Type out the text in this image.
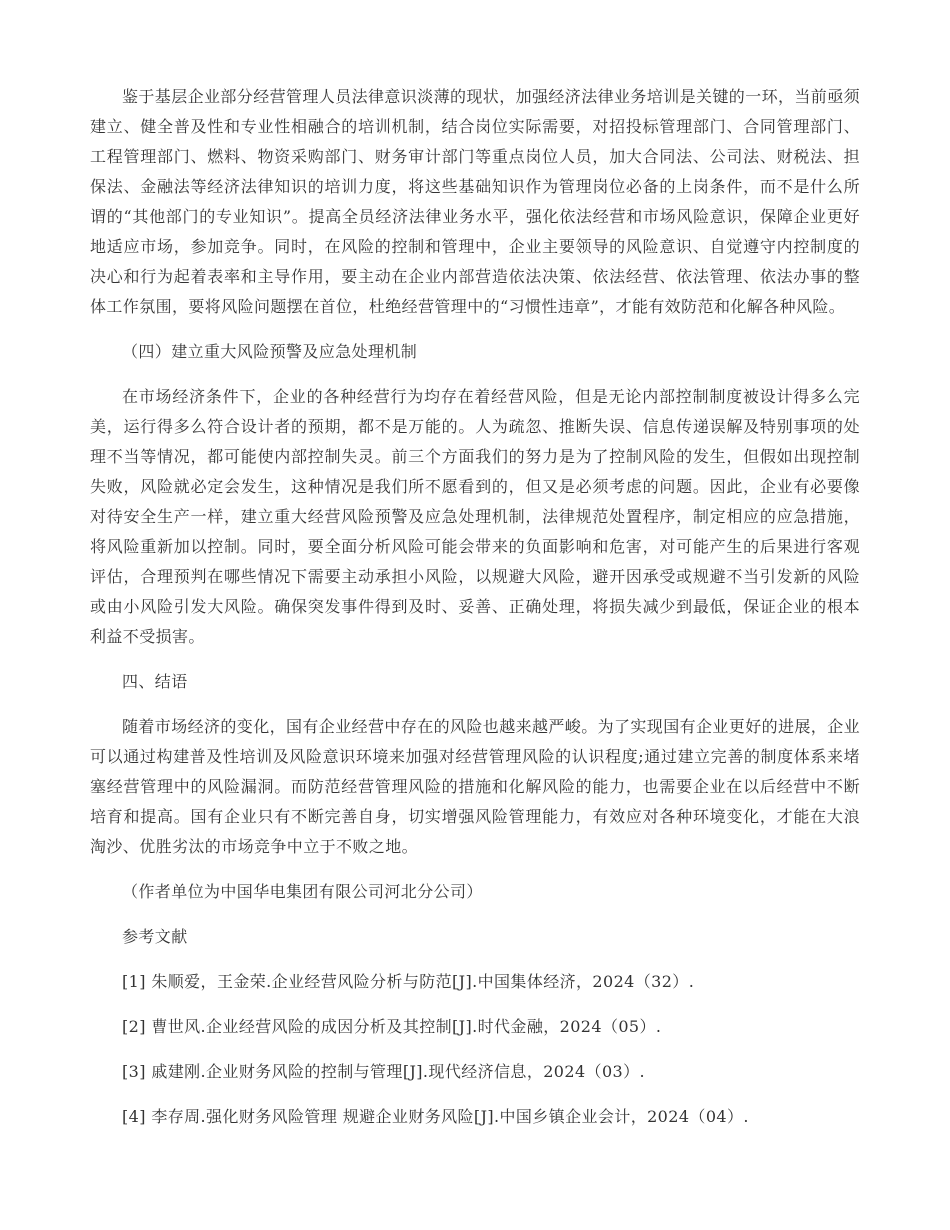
鉴于基层企业部分经营管理人员法律意识淡薄的现状，加强经济法律业务培训是关键的一环，当前亟须建立、健全普及性和专业性相融合的培训机制，结合岗位实际需要，对招投标管理部门、合同管理部门、工程管理部门、燃料、物资采购部门、财务审计部门等重点岗位人员，加大合同法、公司法、财税法、担保法、金融法等经济法律知识的培训力度，将这些基础知识作为管理岗位必备的上岗条件，而不是什么所谓的“其他部门的专业知识”。提高全员经济法律业务水平，强化依法经营和市场风险意识，保障企业更好地适应市场，参加竞争。同时，在风险的控制和管理中，企业主要领导的风险意识、自觉遵守内控制度的决心和行为起着表率和主导作用，要主动在企业内部营造依法决策、依法经营、依法管理、依法办事的整体工作氛围，要将风险问题摆在首位，杜绝经营管理中的“习惯性违章”，才能有效防范和化解各种风险。

（四）建立重大风险预警及应急处理机制

在市场经济条件下，企业的各种经营行为均存在着经营风险，但是无论内部控制制度被设计得多么完美，运行得多么符合设计者的预期，都不是万能的。人为疏忽、推断失误、信息传递误解及特别事项的处理不当等情况，都可能使内部控制失灵。前三个方面我们的努力是为了控制风险的发生，但假如出现控制失败，风险就必定会发生，这种情况是我们所不愿看到的，但又是必须考虑的问题。因此，企业有必要像对待安全生产一样，建立重大经营风险预警及应急处理机制，法律规范处置程序，制定相应的应急措施，将风险重新加以控制。同时，要全面分析风险可能会带来的负面影响和危害，对可能产生的后果进行客观评估，合理预判在哪些情况下需要主动承担小风险，以规避大风险，避开因承受或规避不当引发新的风险或由小风险引发大风险。确保突发事件得到及时、妥善、正确处理，将损失减少到最低，保证企业的根本利益不受损害。

四、结语

随着市场经济的变化，国有企业经营中存在的风险也越来越严峻。为了实现国有企业更好的进展，企业可以通过构建普及性培训及风险意识环境来加强对经营管理风险的认识程度;通过建立完善的制度体系来堵塞经营管理中的风险漏洞。而防范经营管理风险的措施和化解风险的能力，也需要企业在以后经营中不断培育和提高。国有企业只有不断完善自身，切实增强风险管理能力，有效应对各种环境变化，才能在大浪淘沙、优胜劣汰的市场竞争中立于不败之地。

（作者单位为中国华电集团有限公司河北分公司）

参考文献

[1] 朱顺爱，王金荣.企业经营风险分析与防范[J].中国集体经济，2024（32）.

[2] 曹世风.企业经营风险的成因分析及其控制[J].时代金融，2024（05）.

[3] 戚建刚.企业财务风险的控制与管理[J].现代经济信息，2024（03）.

[4] 李存周.强化财务风险管理 规避企业财务风险[J].中国乡镇企业会计，2024（04）.
